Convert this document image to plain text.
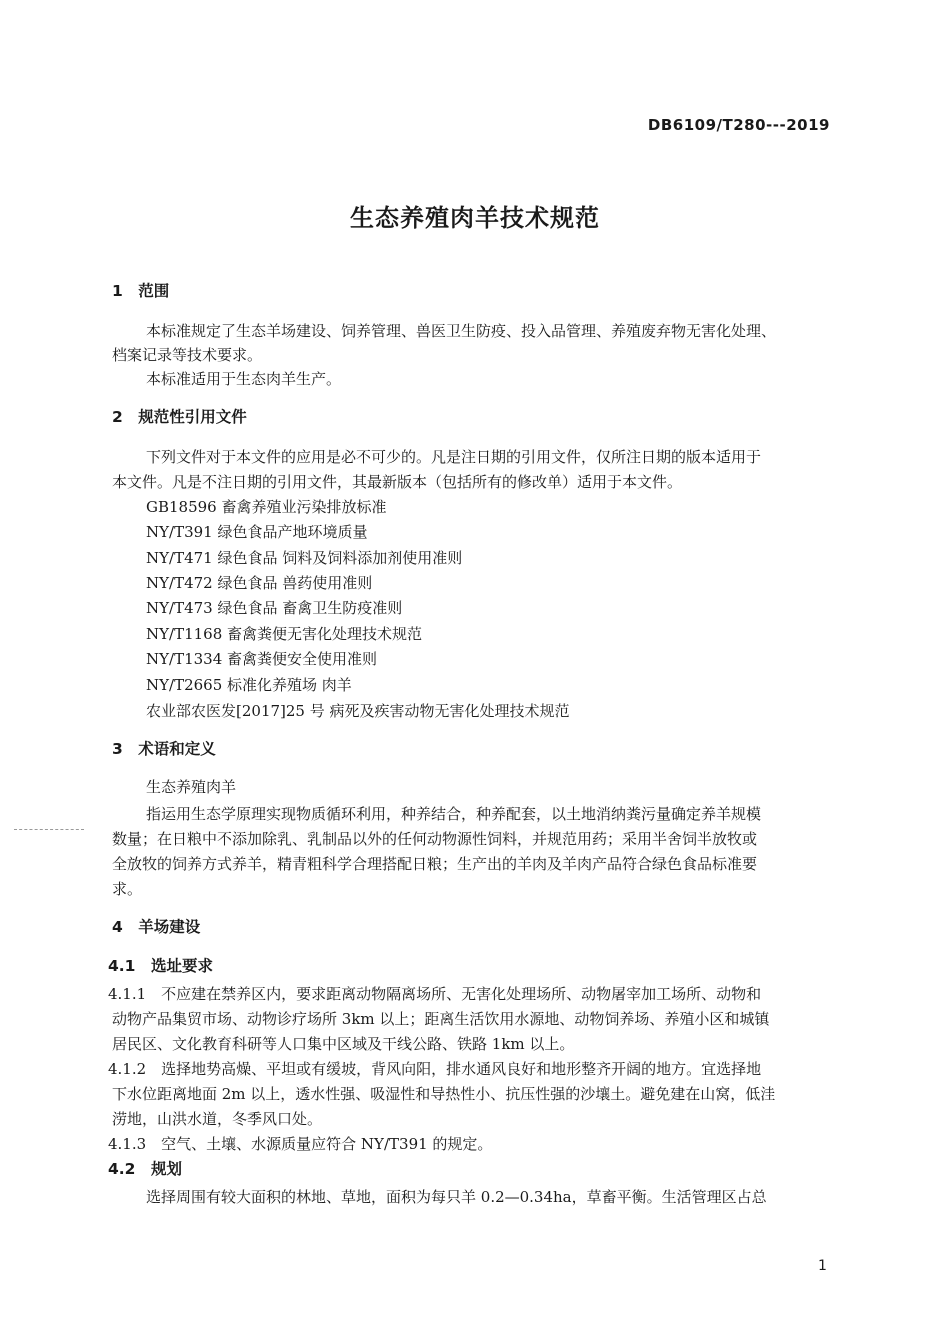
DB6109/T280---2019
生态养殖肉羊技术规范
1　范围
本标准规定了生态羊场建设、饲养管理、兽医卫生防疫、投入品管理、养殖废弃物无害化处理、
档案记录等技术要求。
本标准适用于生态肉羊生产。
2　规范性引用文件
下列文件对于本文件的应用是必不可少的。凡是注日期的引用文件，仅所注日期的版本适用于
本文件。凡是不注日期的引用文件，其最新版本（包括所有的修改单）适用于本文件。
GB18596 畜禽养殖业污染排放标准
NY/T391 绿色食品产地环境质量
NY/T471 绿色食品 饲料及饲料添加剂使用准则
NY/T472 绿色食品 兽药使用准则
NY/T473 绿色食品 畜禽卫生防疫准则
NY/T1168 畜禽粪便无害化处理技术规范
NY/T1334 畜禽粪便安全使用准则
NY/T2665 标准化养殖场 肉羊
农业部农医发[2017]25 号 病死及疾害动物无害化处理技术规范
3　术语和定义
生态养殖肉羊
指运用生态学原理实现物质循环利用，种养结合，种养配套，以土地消纳粪污量确定养羊规模
数量；在日粮中不添加除乳、乳制品以外的任何动物源性饲料，并规范用药；采用半舍饲半放牧或
全放牧的饲养方式养羊，精青粗科学合理搭配日粮；生产出的羊肉及羊肉产品符合绿色食品标准要
求。
4　羊场建设
4.1　选址要求
4.1.1　不应建在禁养区内，要求距离动物隔离场所、无害化处理场所、动物屠宰加工场所、动物和
动物产品集贸市场、动物诊疗场所 3km 以上；距离生活饮用水源地、动物饲养场、养殖小区和城镇
居民区、文化教育科研等人口集中区域及干线公路、铁路 1km 以上。
4.1.2　选择地势高燥、平坦或有缓坡，背风向阳，排水通风良好和地形整齐开阔的地方。宜选择地
下水位距离地面 2m 以上，透水性强、吸湿性和导热性小、抗压性强的沙壤土。避免建在山窝，低洼
涝地，山洪水道，冬季风口处。
4.1.3　空气、土壤、水源质量应符合 NY/T391 的规定。
4.2　规划
选择周围有较大面积的林地、草地，面积为每只羊 0.2—0.34ha，草畜平衡。生活管理区占总
1
